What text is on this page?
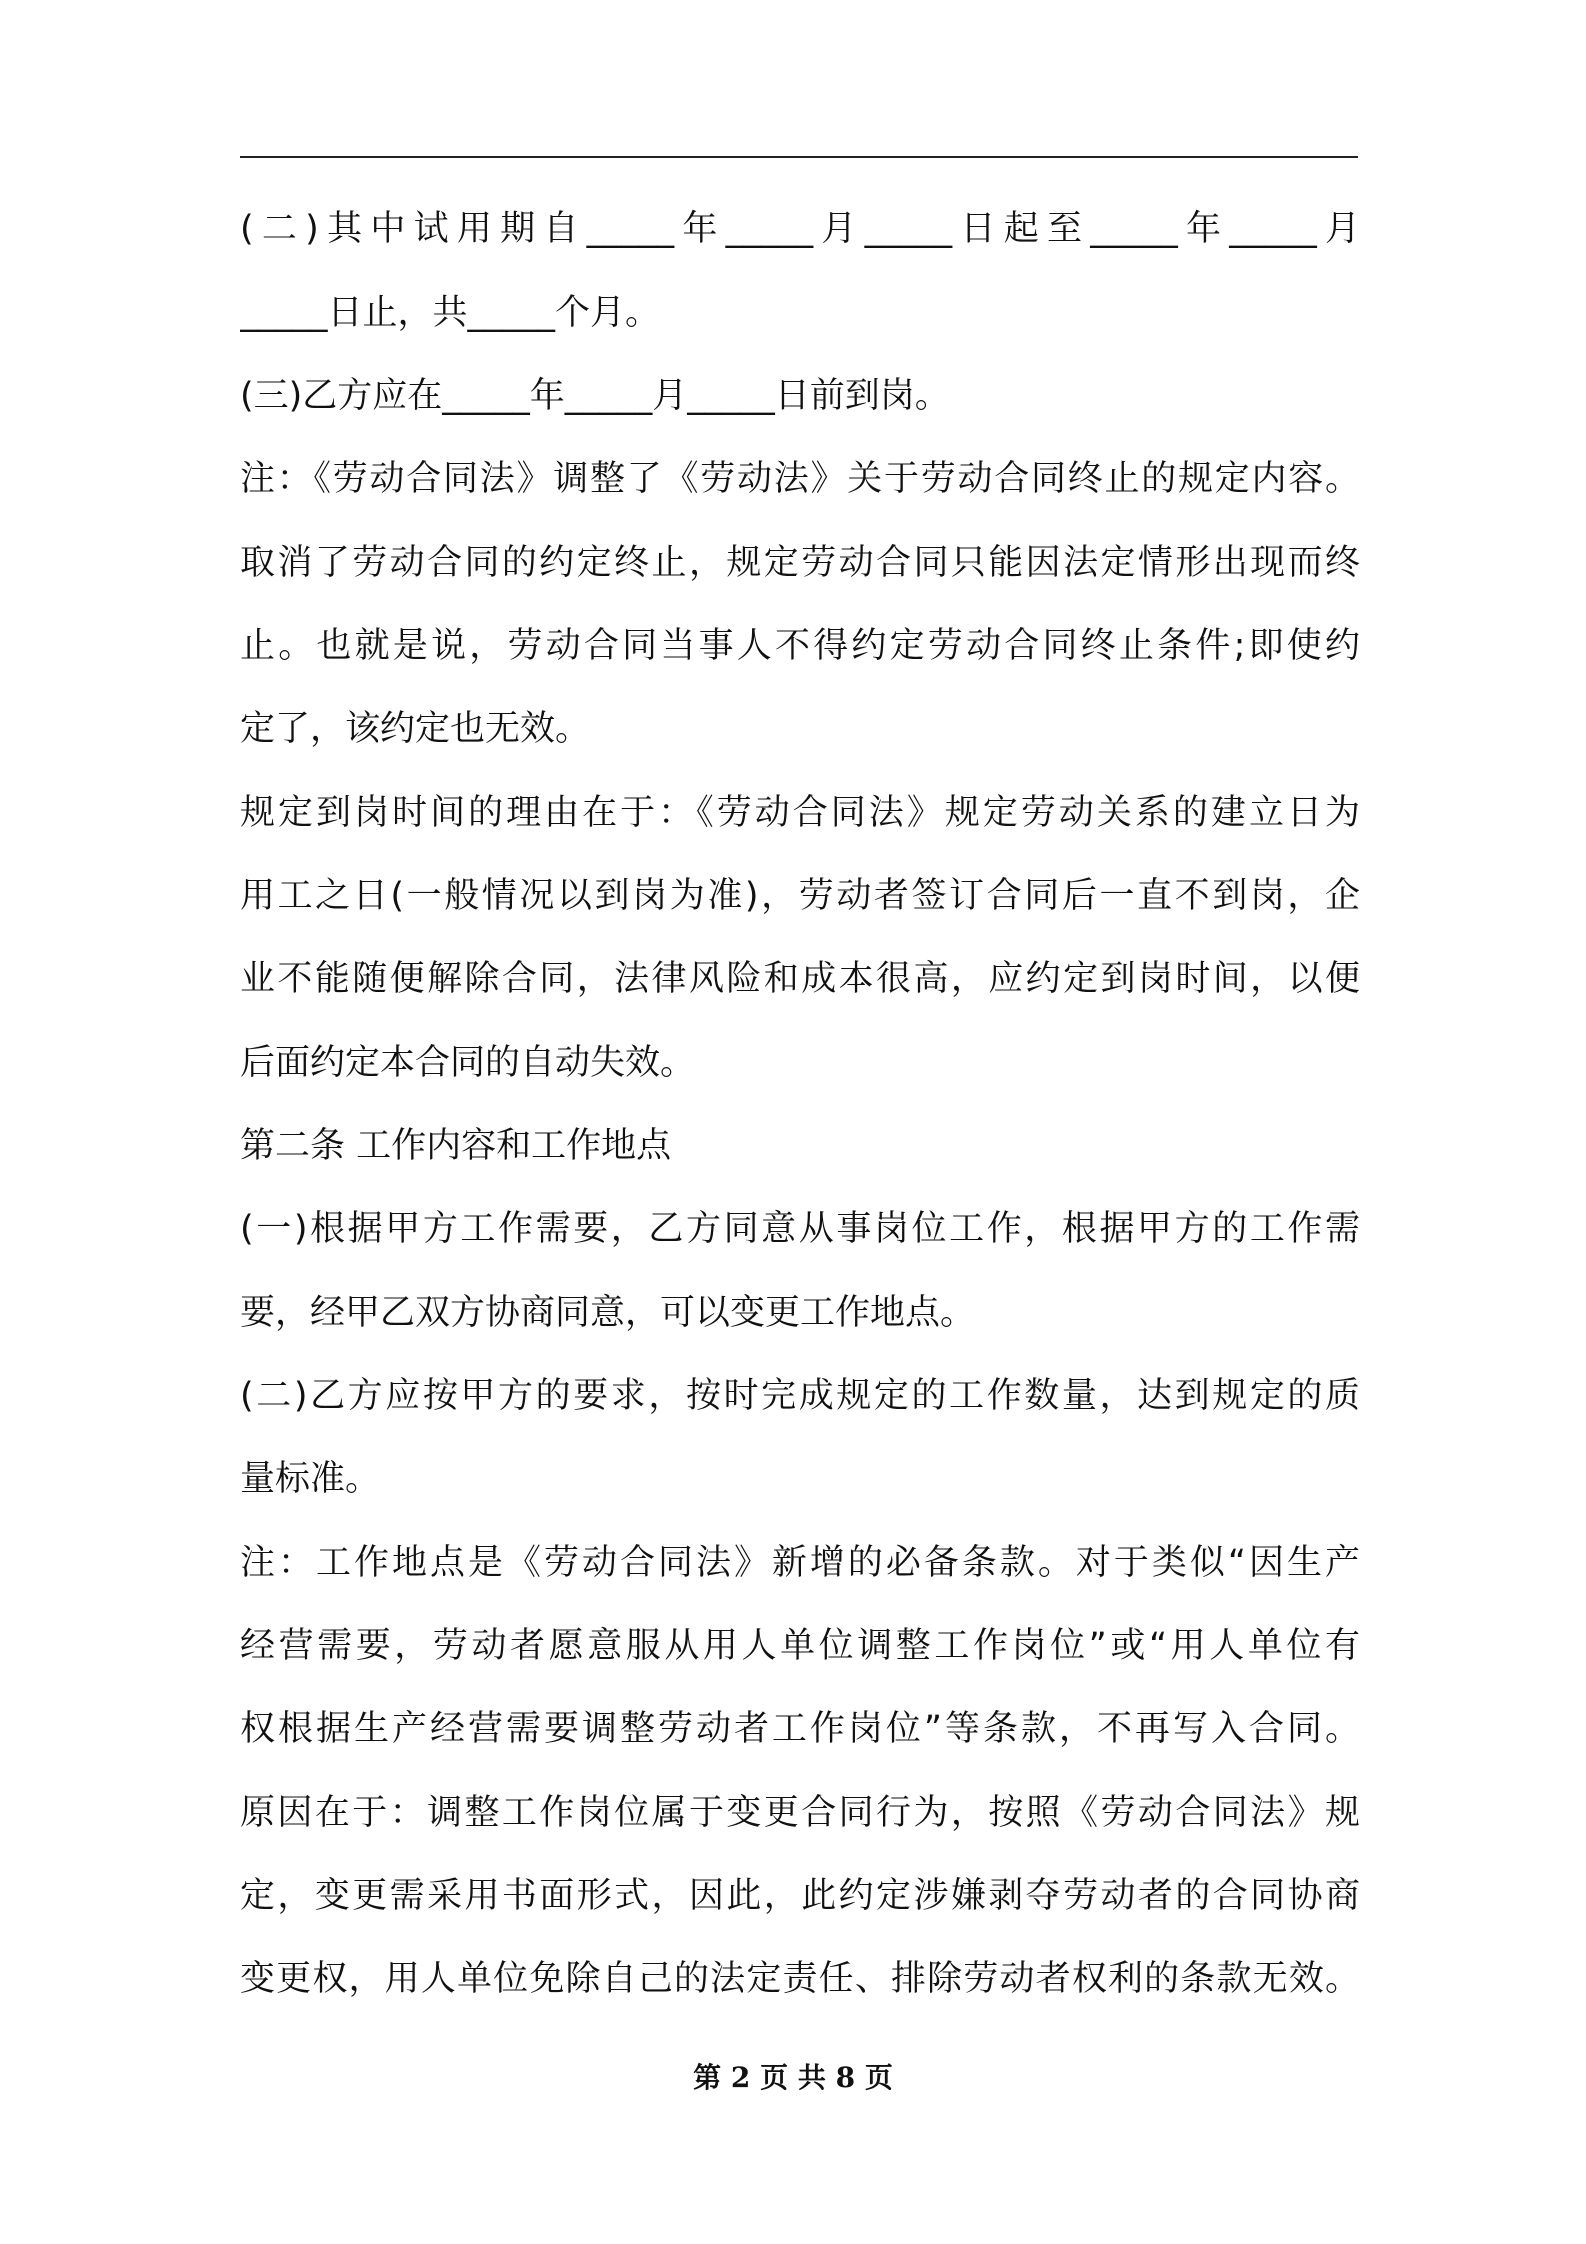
(二)其中试用期自_____年_____月_____日起至_____年_____月
_____日止，共_____个月。
(三)乙方应在_____年_____月_____日前到岗。
注：《劳动合同法》调整了《劳动法》关于劳动合同终止的规定内容。
取消了劳动合同的约定终止，规定劳动合同只能因法定情形出现而终
止。也就是说，劳动合同当事人不得约定劳动合同终止条件;即使约
定了，该约定也无效。
规定到岗时间的理由在于：《劳动合同法》规定劳动关系的建立日为
用工之日(一般情况以到岗为准)，劳动者签订合同后一直不到岗，企
业不能随便解除合同，法律风险和成本很高，应约定到岗时间，以便
后面约定本合同的自动失效。
第二条 工作内容和工作地点
(一)根据甲方工作需要，乙方同意从事岗位工作，根据甲方的工作需
要，经甲乙双方协商同意，可以变更工作地点。
(二)乙方应按甲方的要求，按时完成规定的工作数量，达到规定的质
量标准。
注：工作地点是《劳动合同法》新增的必备条款。对于类似“因生产
经营需要，劳动者愿意服从用人单位调整工作岗位”或“用人单位有
权根据生产经营需要调整劳动者工作岗位”等条款，不再写入合同。
原因在于：调整工作岗位属于变更合同行为，按照《劳动合同法》规
定，变更需采用书面形式，因此，此约定涉嫌剥夺劳动者的合同协商
变更权，用人单位免除自己的法定责任、排除劳动者权利的条款无效。
第 2 页 共 8 页
